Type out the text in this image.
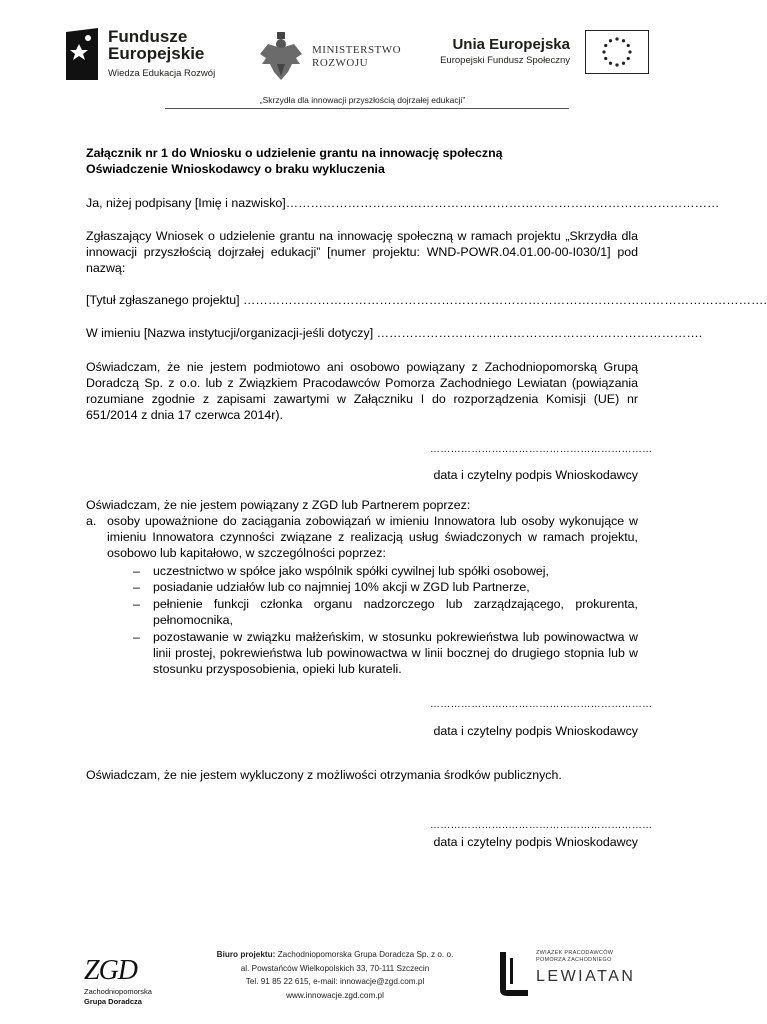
Fundusze
Europejskie
Wiedza Edukacja Rozwój
MINISTERSTWO
ROZWOJU
Unia Europejska
Europejski Fundusz Społeczny
„Skrzydła dla innowacji przyszłością dojrzałej edukacji”
Załącznik nr 1 do Wniosku o udzielenie grantu na innowację społeczną
Oświadczenie Wnioskodawcy o braku wykluczenia
Ja, niżej podpisany [Imię i nazwisko]……………………………………………………………………………………………
Zgłaszający Wniosek o udzielenie grantu na innowację społeczną w ramach projektu „Skrzydła dla innowacji przyszłością dojrzałej edukacji” [numer projektu: WND-POWR.04.01.00-00-I030/1] pod nazwą:
[Tytuł zgłaszanego projektu] ……………………………………………………………………………………………………………….
W imieniu [Nazwa instytucji/organizacji-jeśli dotyczy] …………………………………………………………………….
Oświadczam, że nie jestem podmiotowo ani osobowo powiązany z Zachodniopomorską Grupą Doradczą Sp. z o.o. lub z Związkiem Pracodawców Pomorza Zachodniego Lewiatan (powiązania rozumiane zgodnie z zapisami zawartymi w Załączniku I do rozporządzenia Komisji (UE) nr 651/2014 z dnia 17 czerwca 2014r).
…………………..……………………………………
data i czytelny podpis Wnioskodawcy
Oświadczam, że nie jestem powiązany z ZGD lub Partnerem poprzez:
a. osoby upoważnione do zaciągania zobowiązań w imieniu Innowatora lub osoby wykonujące w imieniu Innowatora czynności związane z realizacją usług świadczonych w ramach projektu, osobowo lub kapitałowo, w szczególności poprzez:
– uczestnictwo w spółce jako wspólnik spółki cywilnej lub spółki osobowej,
– posiadanie udziałów lub co najmniej 10% akcji w ZGD lub Partnerze,
– pełnienie funkcji członka organu nadzorczego lub zarządzającego, prokurenta, pełnomocnika,
– pozostawanie w związku małżeńskim, w stosunku pokrewieństwa lub powinowactwa w linii prostej, pokrewieństwa lub powinowactwa w linii bocznej do drugiego stopnia lub w stosunku przysposobienia, opieki lub kurateli.
…………………..……………………………………
data i czytelny podpis Wnioskodawcy
Oświadczam, że nie jestem wykluczony z możliwości otrzymania środków publicznych.
…………………..……………………………………
data i czytelny podpis Wnioskodawcy
ZGD
Zachodniopomorska
Grupa Doradcza
Biuro projektu: Zachodniopomorska Grupa Doradcza Sp. z o. o.
al. Powstańców Wielkopolskich 33, 70-111 Szczecin
Tel. 91 85 22 615, e-mail: innowacje@zgd.com.pl
www.innowacje.zgd.com.pl
ZWIĄZEK PRACODAWCÓW
POMORZA ZACHODNIEGO
LEWIATAN
